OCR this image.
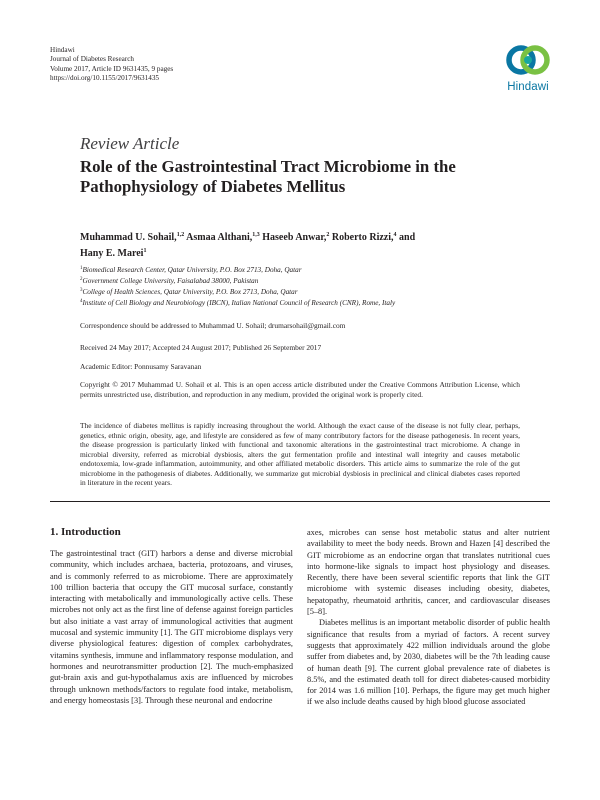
Hindawi
Journal of Diabetes Research
Volume 2017, Article ID 9631435, 9 pages
https://doi.org/10.1155/2017/9631435
Hindawi
Review Article
Role of the Gastrointestinal Tract Microbiome in the Pathophysiology of Diabetes Mellitus
Muhammad U. Sohail,$^{1,2}$ Asmaa Althani,$^{1,3}$ Haseeb Anwar,$^2$ Roberto Rizzi,$^4$ and
Hany E. Marei$^1$
$^1$Biomedical Research Center, Qatar University, P.O. Box 2713, Doha, Qatar
$^2$Government College University, Faisalabad 38000, Pakistan
$^3$College of Health Sciences, Qatar University, P.O. Box 2713, Doha, Qatar
$^4$Institute of Cell Biology and Neurobiology (IBCN), Italian National Council of Research (CNR), Rome, Italy
Correspondence should be addressed to Muhammad U. Sohail; drumarsohail@gmail.com
Received 24 May 2017; Accepted 24 August 2017; Published 26 September 2017
Academic Editor: Ponnusamy Saravanan
Copyright © 2017 Muhammad U. Sohail et al. This is an open access article distributed under the Creative Commons Attribution License, which permits unrestricted use, distribution, and reproduction in any medium, provided the original work is properly cited.
The incidence of diabetes mellitus is rapidly increasing throughout the world. Although the exact cause of the disease is not fully clear, perhaps, genetics, ethnic origin, obesity, age, and lifestyle are considered as few of many contributory factors for the disease pathogenesis. In recent years, the disease progression is particularly linked with functional and taxonomic alterations in the gastrointestinal tract microbiome. A change in microbial diversity, referred as microbial dysbiosis, alters the gut fermentation profile and intestinal wall integrity and causes metabolic endotoxemia, low-grade inflammation, autoimmunity, and other affiliated metabolic disorders. This article aims to summarize the role of the gut microbiome in the pathogenesis of diabetes. Additionally, we summarize gut microbial dysbiosis in preclinical and clinical diabetes cases reported in literature in the recent years.
1. Introduction

The gastrointestinal tract (GIT) harbors a dense and diverse microbial community, which includes archaea, bacteria, protozoans, and viruses, and is commonly referred to as microbiome. There are approximately 100 trillion bacteria that occupy the GIT mucosal surface, constantly interacting with metabolically and immunologically active cells. These microbes not only act as the first line of defense against foreign particles but also initiate a vast array of immunological activities that augment mucosal and systemic immunity [1]. The GIT microbiome displays very diverse physiological features: digestion of complex carbohydrates, vitamins synthesis, immune and inflammatory response modulation, and hormones and neurotransmitter production [2]. The much-emphasized gut-brain axis and gut-hypothalamus axis are influenced by microbes through unknown methods/factors to regulate food intake, metabolism, and energy homeostasis [3]. Through these neuronal and endocrine

axes, microbes can sense host metabolic status and alter nutrient availability to meet the body needs. Brown and Hazen [4] described the GIT microbiome as an endocrine organ that translates nutritional cues into hormone-like signals to impact host physiology and diseases. Recently, there have been several scientific reports that link the GIT microbiome with systemic diseases including obesity, diabetes, hepatopathy, rheumatoid arthritis, cancer, and cardiovascular diseases [5–8].

Diabetes mellitus is an important metabolic disorder of public health significance that results from a myriad of factors. A recent survey suggests that approximately 422 million individuals around the globe suffer from diabetes and, by 2030, diabetes will be the 7th leading cause of human death [9]. The current global prevalence rate of diabetes is 8.5%, and the estimated death toll for direct diabetes-caused morbidity for 2014 was 1.6 million [10]. Perhaps, the figure may get much higher if we also include deaths caused by high blood glucose associated
